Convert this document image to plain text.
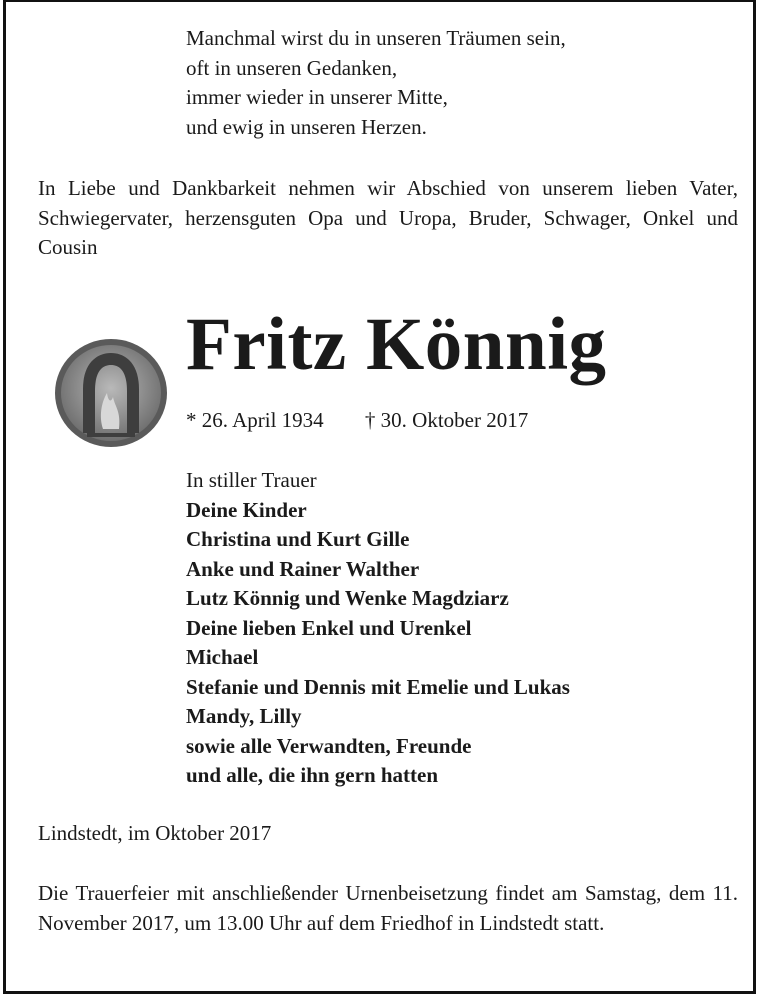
Manchmal wirst du in unseren Träumen sein,
oft in unseren Gedanken,
immer wieder in unserer Mitte,
und ewig in unseren Herzen.
In Liebe und Dankbarkeit nehmen wir Abschied von unserem lieben Vater, Schwiegervater, herzensguten Opa und Uropa, Bruder, Schwager, Onkel und Cousin
Fritz Könnig
* 26. April 1934 † 30. Oktober 2017
In stiller Trauer
Deine Kinder
Christina und Kurt Gille
Anke und Rainer Walther
Lutz Könnig und Wenke Magdziarz
Deine lieben Enkel und Urenkel
Michael
Stefanie und Dennis mit Emelie und Lukas
Mandy, Lilly
sowie alle Verwandten, Freunde
und alle, die ihn gern hatten
Lindstedt, im Oktober 2017
Die Trauerfeier mit anschließender Urnenbeisetzung findet am Samstag, dem 11. November 2017, um 13.00 Uhr auf dem Friedhof in Lindstedt statt.
